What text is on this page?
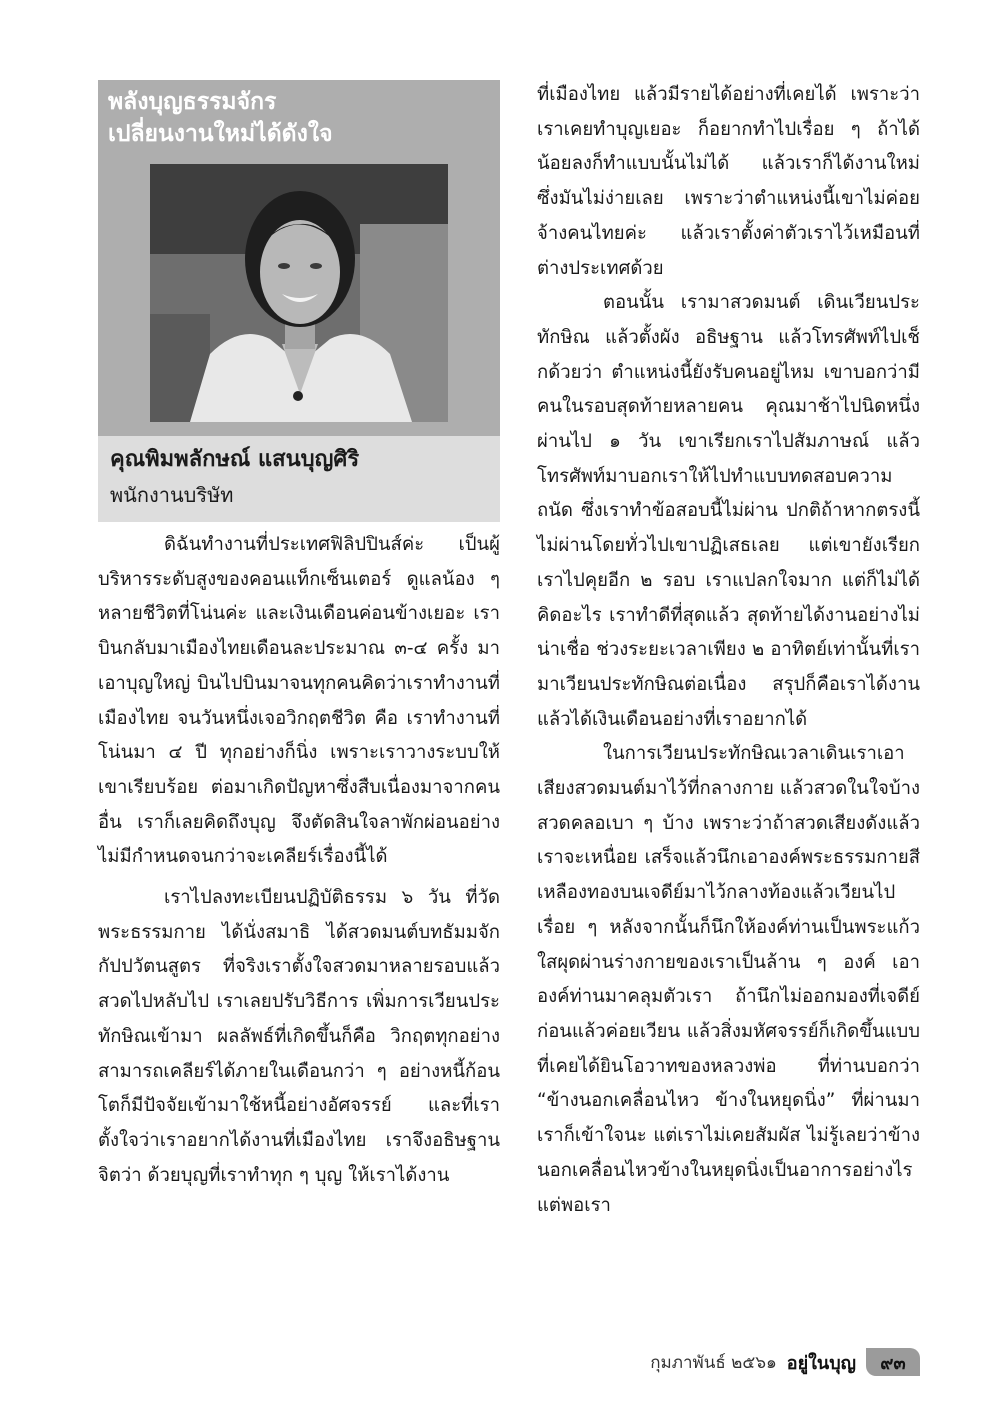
พลังบุญธรรมจักร
เปลี่ยนงานใหม่ได้ดังใจ
คุณพิมพลักษณ์ แสนบุญศิริ
พนักงานบริษัท

ดิฉันทำงานที่ประเทศฟิลิปปินส์ค่ะ เป็นผู้บริหารระดับสูงของคอนแท็กเซ็นเตอร์ ดูแลน้อง ๆ หลายชีวิตที่โน่นค่ะ และเงินเดือนค่อนข้างเยอะ เราบินกลับมาเมืองไทยเดือนละประมาณ ๓-๔ ครั้ง มาเอาบุญใหญ่ บินไปบินมาจนทุกคนคิดว่าเราทำงานที่เมืองไทย จนวันหนึ่งเจอวิกฤตชีวิต คือ เราทำงานที่โน่นมา ๔ ปี ทุกอย่างก็นิ่ง เพราะเราวางระบบให้เขาเรียบร้อย ต่อมาเกิดปัญหาซึ่งสืบเนื่องมาจากคนอื่น เราก็เลยคิดถึงบุญ จึงตัดสินใจลาพักผ่อนอย่างไม่มีกำหนดจนกว่าจะเคลียร์เรื่องนี้ได้

เราไปลงทะเบียนปฏิบัติธรรม ๖ วัน ที่วัดพระธรรมกาย ได้นั่งสมาธิ ได้สวดมนต์บทธัมมจักกัปปวัตนสูตร ที่จริงเราตั้งใจสวดมาหลายรอบแล้ว สวดไปหลับไป เราเลยปรับวิธีการ เพิ่มการเวียนประทักษิณเข้ามา ผลลัพธ์ที่เกิดขึ้นก็คือ วิกฤตทุกอย่างสามารถเคลียร์ได้ภายในเดือนกว่า ๆ อย่างหนี้ก้อนโตก็มีปัจจัยเข้ามาใช้หนี้อย่างอัศจรรย์ และที่เราตั้งใจว่าเราอยากได้งานที่เมืองไทย เราจึงอธิษฐานจิตว่า ด้วยบุญที่เราทำทุก ๆ บุญ ให้เราได้งาน

ที่เมืองไทย แล้วมีรายได้อย่างที่เคยได้ เพราะว่าเราเคยทำบุญเยอะ ก็อยากทำไปเรื่อย ๆ ถ้าได้น้อยลงก็ทำแบบนั้นไม่ได้ แล้วเราก็ได้งานใหม่ ซึ่งมันไม่ง่ายเลย เพราะว่าตำแหน่งนี้เขาไม่ค่อยจ้างคนไทยค่ะ แล้วเราตั้งค่าตัวเราไว้เหมือนที่ต่างประเทศด้วย

ตอนนั้น เรามาสวดมนต์ เดินเวียนประทักษิณ แล้วตั้งผัง อธิษฐาน แล้วโทรศัพท์ไปเช็กด้วยว่า ตำแหน่งนี้ยังรับคนอยู่ไหม เขาบอกว่ามีคนในรอบสุดท้ายหลายคน คุณมาช้าไปนิดหนึ่ง ผ่านไป ๑ วัน เขาเรียกเราไปสัมภาษณ์ แล้วโทรศัพท์มาบอกเราให้ไปทำแบบทดสอบความถนัด ซึ่งเราทำข้อสอบนี้ไม่ผ่าน ปกติถ้าหากตรงนี้ไม่ผ่านโดยทั่วไปเขาปฏิเสธเลย แต่เขายังเรียกเราไปคุยอีก ๒ รอบ เราแปลกใจมาก แต่ก็ไม่ได้คิดอะไร เราทำดีที่สุดแล้ว สุดท้ายได้งานอย่างไม่น่าเชื่อ ช่วงระยะเวลาเพียง ๒ อาทิตย์เท่านั้นที่เรามาเวียนประทักษิณต่อเนื่อง สรุปก็คือเราได้งาน แล้วได้เงินเดือนอย่างที่เราอยากได้

ในการเวียนประทักษิณเวลาเดินเราเอาเสียงสวดมนต์มาไว้ที่กลางกาย แล้วสวดในใจบ้าง สวดคลอเบา ๆ บ้าง เพราะว่าถ้าสวดเสียงดังแล้วเราจะเหนื่อย เสร็จแล้วนึกเอาองค์พระธรรมกายสีเหลืองทองบนเจดีย์มาไว้กลางท้องแล้วเวียนไปเรื่อย ๆ หลังจากนั้นก็นึกให้องค์ท่านเป็นพระแก้วใสผุดผ่านร่างกายของเราเป็นล้าน ๆ องค์ เอาองค์ท่านมาคลุมตัวเรา ถ้านึกไม่ออกมองที่เจดีย์ก่อนแล้วค่อยเวียน แล้วสิ่งมหัศจรรย์ก็เกิดขึ้นแบบที่เคยได้ยินโอวาทของหลวงพ่อ ที่ท่านบอกว่า “ข้างนอกเคลื่อนไหว ข้างในหยุดนิ่ง” ที่ผ่านมาเราก็เข้าใจนะ แต่เราไม่เคยสัมผัส ไม่รู้เลยว่าข้างนอกเคลื่อนไหวข้างในหยุดนิ่งเป็นอาการอย่างไร แต่พอเรา

กุมภาพันธ์ ๒๕๖๑ อยู่ในบุญ	๙๓
